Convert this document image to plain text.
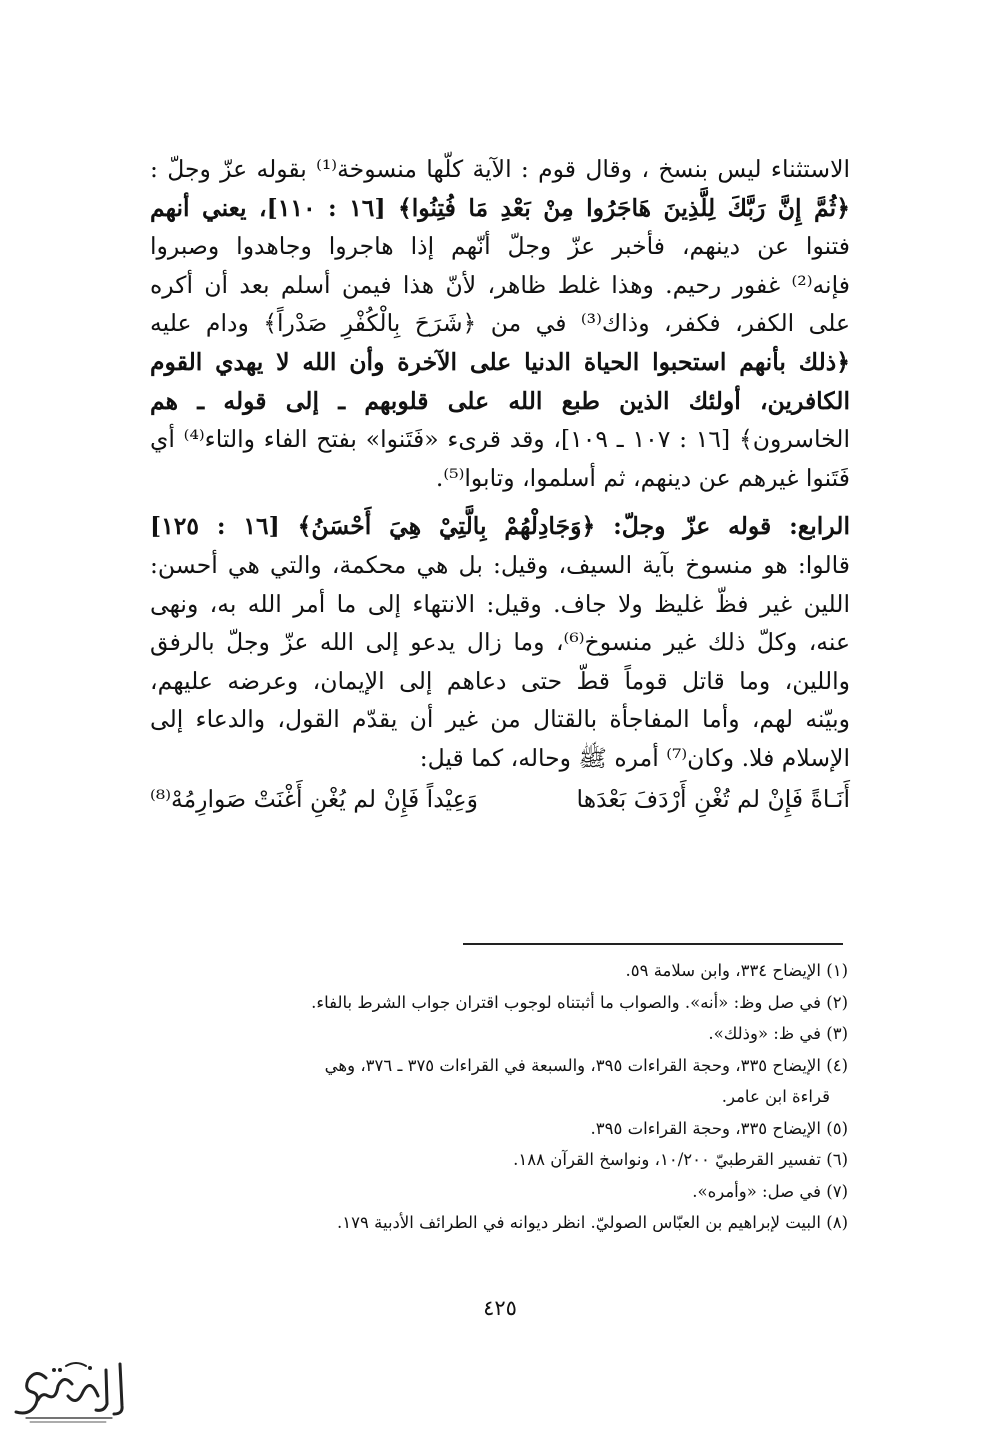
الاستثناء ليس بنسخ ، وقال قوم : الآية كلّها منسوخة⁽¹⁾ بقوله عزّ وجلّ :

﴿ثُمَّ إِنَّ رَبَّكَ لِلَّذِينَ هَاجَرُوا مِنْ بَعْدِ مَا فُتِنُوا﴾ [١٦ : ١١٠]، يعني أنهم

فتنوا عن دينهم، فأخبر عزّ وجلّ أنّهم إذا هاجروا وجاهدوا وصبروا

فإنه⁽²⁾ غفور رحيم. وهذا غلط ظاهر، لأنّ هذا فيمن أسلم بعد أن أكره

على الكفر، فكفر، وذاك⁽³⁾ في من ﴿شَرَحَ بِالْكُفْرِ صَدْراً﴾ ودام عليه

﴿ذلك بأنهم استحبوا الحياة الدنيا على الآخرة وأن الله لا يهدي القوم

الكافرين، أولئك الذين طبع الله على قلوبهم ـ إلى قوله ـ هم

الخاسرون﴾ [١٦ : ١٠٧ ـ ١٠٩]، وقد قرىء «فَتَنوا» بفتح الفاء والتاء⁽⁴⁾ أي

فَتَنوا غيرهم عن دينهم، ثم أسلموا، وتابوا⁽⁵⁾.

الرابع: قوله عزّ وجلّ: ﴿وَجَادِلْهُمْ بِالَّتِيْ هِيَ أَحْسَنُ﴾ [١٦ : ١٢٥]

قالوا: هو منسوخ بآية السيف، وقيل: بل هي محكمة، والتي هي أحسن:

اللين غير فظّ غليظ ولا جاف. وقيل: الانتهاء إلى ما أمر الله به، ونهى

عنه، وكلّ ذلك غير منسوخ⁽⁶⁾، وما زال يدعو إلى الله عزّ وجلّ بالرفق

واللين، وما قاتل قوماً قطّ حتى دعاهم إلى الإيمان، وعرضه عليهم،

وبيّنه لهم، وأما المفاجأة بالقتال من غير أن يقدّم القول، والدعاء إلى

الإسلام فلا. وكان⁽⁷⁾ أمره ﷺ وحاله، كما قيل:

أَنَـاةً فَإِنْ لم تُغْنِ أَرْدَفَ بَعْدَها
وَعِيْداً فَإِنْ لم يُغْنِ أَغْنَتْ صَوارِمُهْ⁽⁸⁾

(١) الإيضاح ٣٣٤، وابن سلامة ٥٩.

(٢) في صل وظ: «أنه». والصواب ما أثبتناه لوجوب اقتران جواب الشرط بالفاء.

(٣) في ظ: «وذلك».

(٤) الإيضاح ٣٣٥، وحجة القراءات ٣٩٥، والسبعة في القراءات ٣٧٥ ـ ٣٧٦، وهي

قراءة ابن عامر.

(٥) الإيضاح ٣٣٥، وحجة القراءات ٣٩٥.

(٦) تفسير القرطبيّ ١٠/٢٠٠، ونواسخ القرآن ١٨٨.

(٧) في صل: «وأمره».

(٨) البيت لإبراهيم بن العبّاس الصوليّ. انظر ديوانه في الطرائف الأدبية ١٧٩.

٤٢٥
